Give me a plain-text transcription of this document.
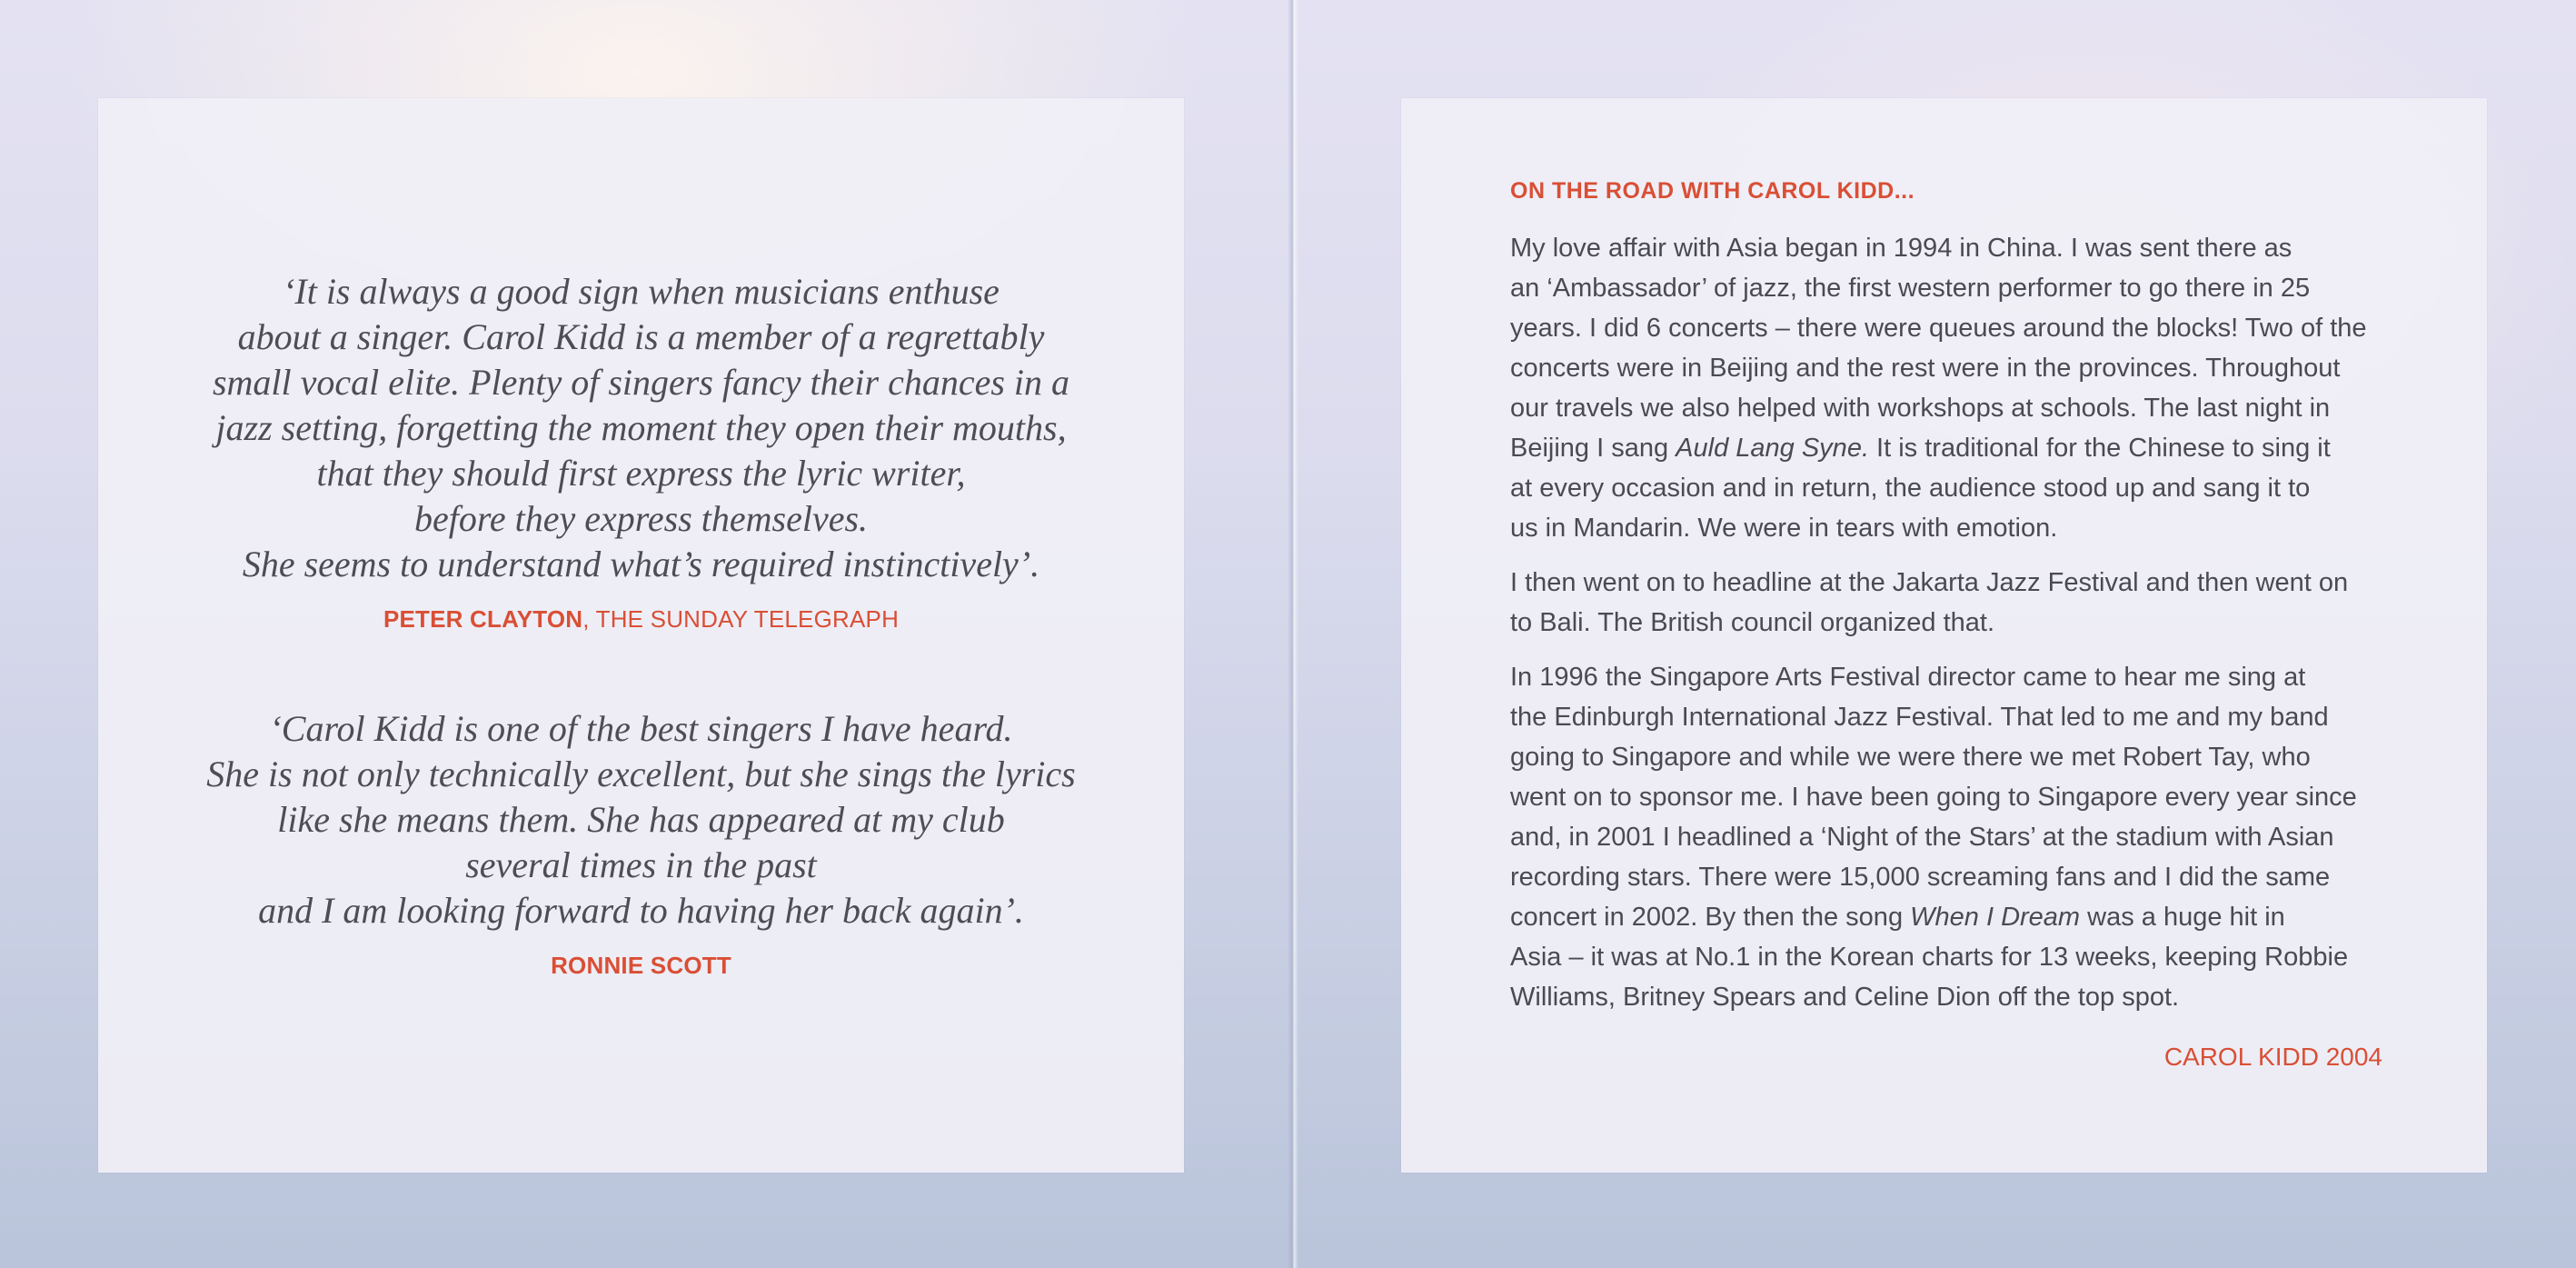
‘It is always a good sign when musicians enthuse
about a singer. Carol Kidd is a member of a regrettably
small vocal elite. Plenty of singers fancy their chances in a
jazz setting, forgetting the moment they open their mouths,
that they should first express the lyric writer,
before they express themselves.
She seems to understand what’s required instinctively’.

PETER CLAYTON, THE SUNDAY TELEGRAPH

‘Carol Kidd is one of the best singers I have heard.
She is not only technically excellent, but she sings the lyrics
like she means them. She has appeared at my club
several times in the past
and I am looking forward to having her back again’.

RONNIE SCOTT
ON THE ROAD WITH CAROL KIDD...

My love affair with Asia began in 1994 in China. I was sent there as
an ‘Ambassador’ of jazz, the first western performer to go there in 25
years. I did 6 concerts – there were queues around the blocks! Two of the
concerts were in Beijing and the rest were in the provinces. Throughout
our travels we also helped with workshops at schools. The last night in
Beijing I sang Auld Lang Syne. It is traditional for the Chinese to sing it
at every occasion and in return, the audience stood up and sang it to
us in Mandarin. We were in tears with emotion.

I then went on to headline at the Jakarta Jazz Festival and then went on
to Bali. The British council organized that.

In 1996 the Singapore Arts Festival director came to hear me sing at
the Edinburgh International Jazz Festival. That led to me and my band
going to Singapore and while we were there we met Robert Tay, who
went on to sponsor me. I have been going to Singapore every year since
and, in 2001 I headlined a ‘Night of the Stars’ at the stadium with Asian
recording stars. There were 15,000 screaming fans and I did the same
concert in 2002. By then the song When I Dream was a huge hit in
Asia – it was at No.1 in the Korean charts for 13 weeks, keeping Robbie
Williams, Britney Spears and Celine Dion off the top spot.

CAROL KIDD 2004
